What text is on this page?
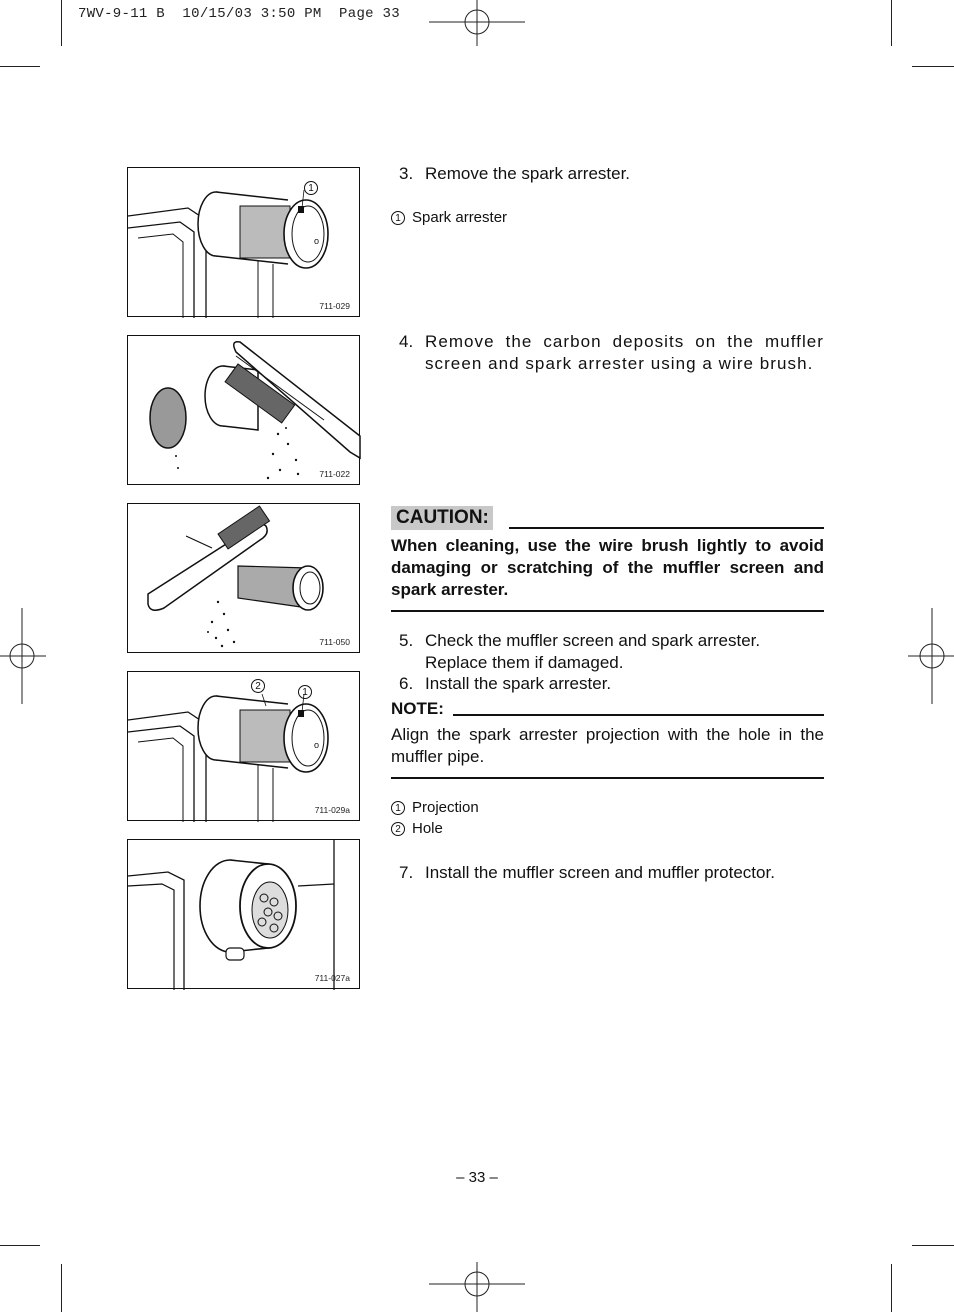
7WV-9-11 B  10/15/03 3:50 PM  Page 33
o
1
711-029
711-022
711-050
o
2
1
711-029a
711-027a
3. Remove the spark arrester.
1 Spark arrester
4. Remove the carbon deposits on the muffler screen and spark arrester using a wire brush.
CAUTION:
When cleaning, use the wire brush lightly to avoid damaging or scratching of the muffler screen and spark arrester.
5. Check the muffler screen and spark arrester.
Replace them if damaged.
6. Install the spark arrester.
NOTE:
Align the spark arrester projection with the hole in the muffler pipe.
1 Projection
2 Hole
7. Install the muffler screen and muffler protector.
– 33 –
